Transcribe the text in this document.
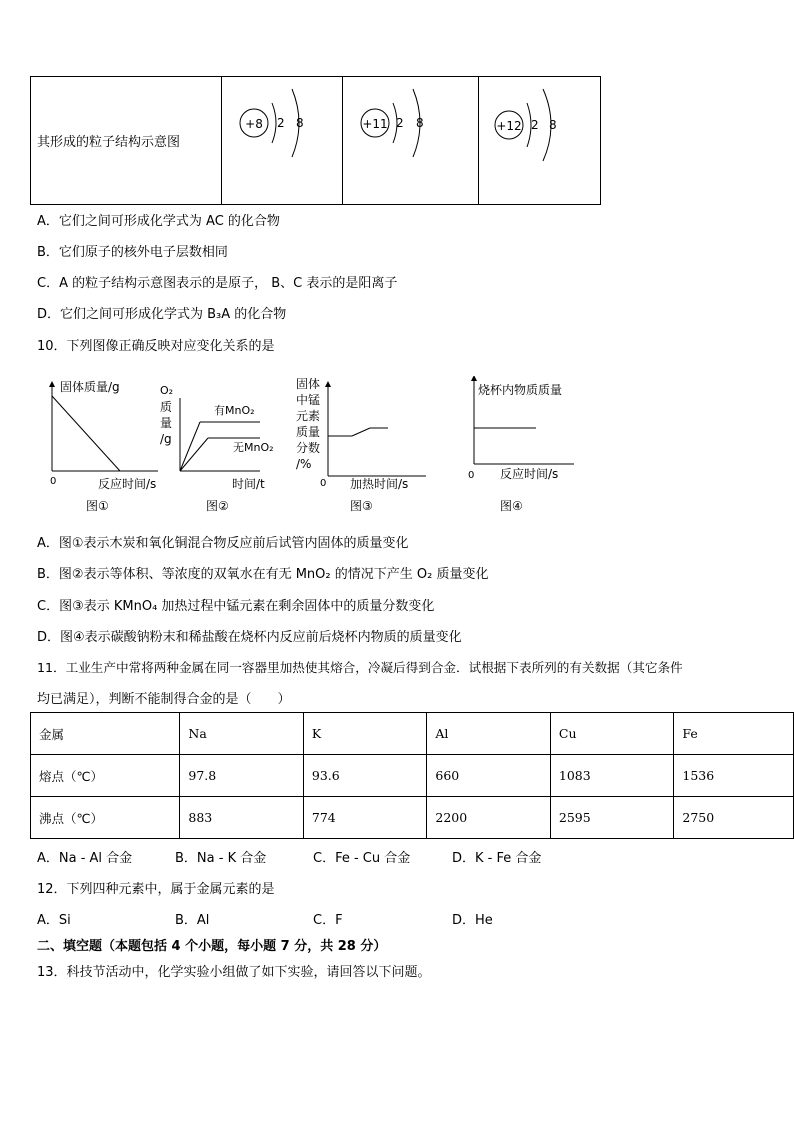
其形成的粒子结构示意图	
+8 2 8	+11 2 8	+12 2 8
A．它们之间可形成化学式为 AC 的化合物
B．它们原子的核外电子层数相同
C．A 的粒子结构示意图表示的是原子， B、C 表示的是阳离子
D．它们之间可形成化学式为 B₃A 的化合物
10．下列图像正确反映对应变化关系的是
固体质量/g
0	反应时间/s
图①
O₂
质
量
/g
有MnO₂
无MnO₂
时间/t
图②
固体
中锰
元素
质量
分数
/%
0 加热时间/s
图③
烧杯内物质质量
0 反应时间/s
图④
A．图①表示木炭和氧化铜混合物反应前后试管内固体的质量变化
B．图②表示等体积、等浓度的双氧水在有无 MnO₂ 的情况下产生 O₂ 质量变化
C．图③表示 KMnO₄ 加热过程中锰元素在剩余固体中的质量分数变化
D．图④表示碳酸钠粉末和稀盐酸在烧杯内反应前后烧杯内物质的质量变化
11．工业生产中常将两种金属在同一容器里加热使其熔合，冷凝后得到合金．试根据下表所列的有关数据（其它条件
均已满足），判断不能制得合金的是（　　）
金属	Na	K	Al	Cu	Fe
熔点（℃）	97.8	93.6	660	1083	1536
沸点（℃）	883	774	2200	2595	2750
A．Na - Al 合金	B．Na - K 合金	C．Fe - Cu 合金	D．K - Fe 合金
12．下列四种元素中，属于金属元素的是
A．Si	B．Al	C．F	D．He
二、填空题（本题包括 4 个小题，每小题 7 分，共 28 分）
13．科技节活动中，化学实验小组做了如下实验，请回答以下问题。
